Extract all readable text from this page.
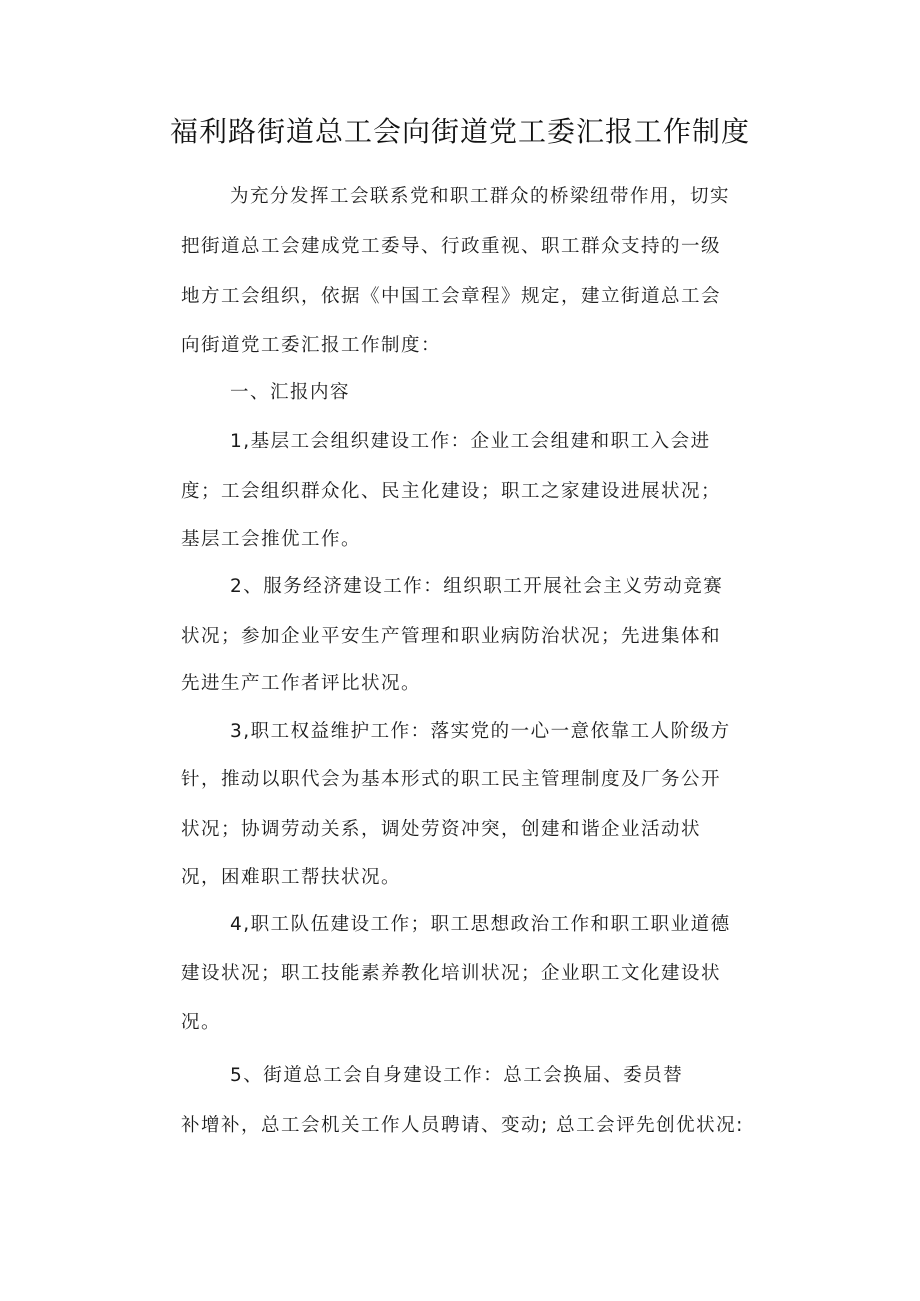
福利路街道总工会向街道党工委汇报工作制度
为充分发挥工会联系党和职工群众的桥梁纽带作用，切实
把街道总工会建成党工委导、行政重视、职工群众支持的一级
地方工会组织，依据《中国工会章程》规定，建立街道总工会
向街道党工委汇报工作制度：
一、汇报内容
1,基层工会组织建设工作：企业工会组建和职工入会进
度；工会组织群众化、民主化建设；职工之家建设进展状况；
基层工会推优工作。
2、服务经济建设工作：组织职工开展社会主义劳动竞赛
状况；参加企业平安生产管理和职业病防治状况；先进集体和
先进生产工作者评比状况。
3,职工权益维护工作：落实党的一心一意依靠工人阶级方
针，推动以职代会为基本形式的职工民主管理制度及厂务公开
状况；协调劳动关系，调处劳资冲突，创建和谐企业活动状
况，困难职工帮扶状况。
4,职工队伍建设工作；职工思想政治工作和职工职业道德
建设状况；职工技能素养教化培训状况；企业职工文化建设状
况。
5、街道总工会自身建设工作：总工会换届、委员替
补增补，总工会机关工作人员聘请、变动; 总工会评先创优状况:
